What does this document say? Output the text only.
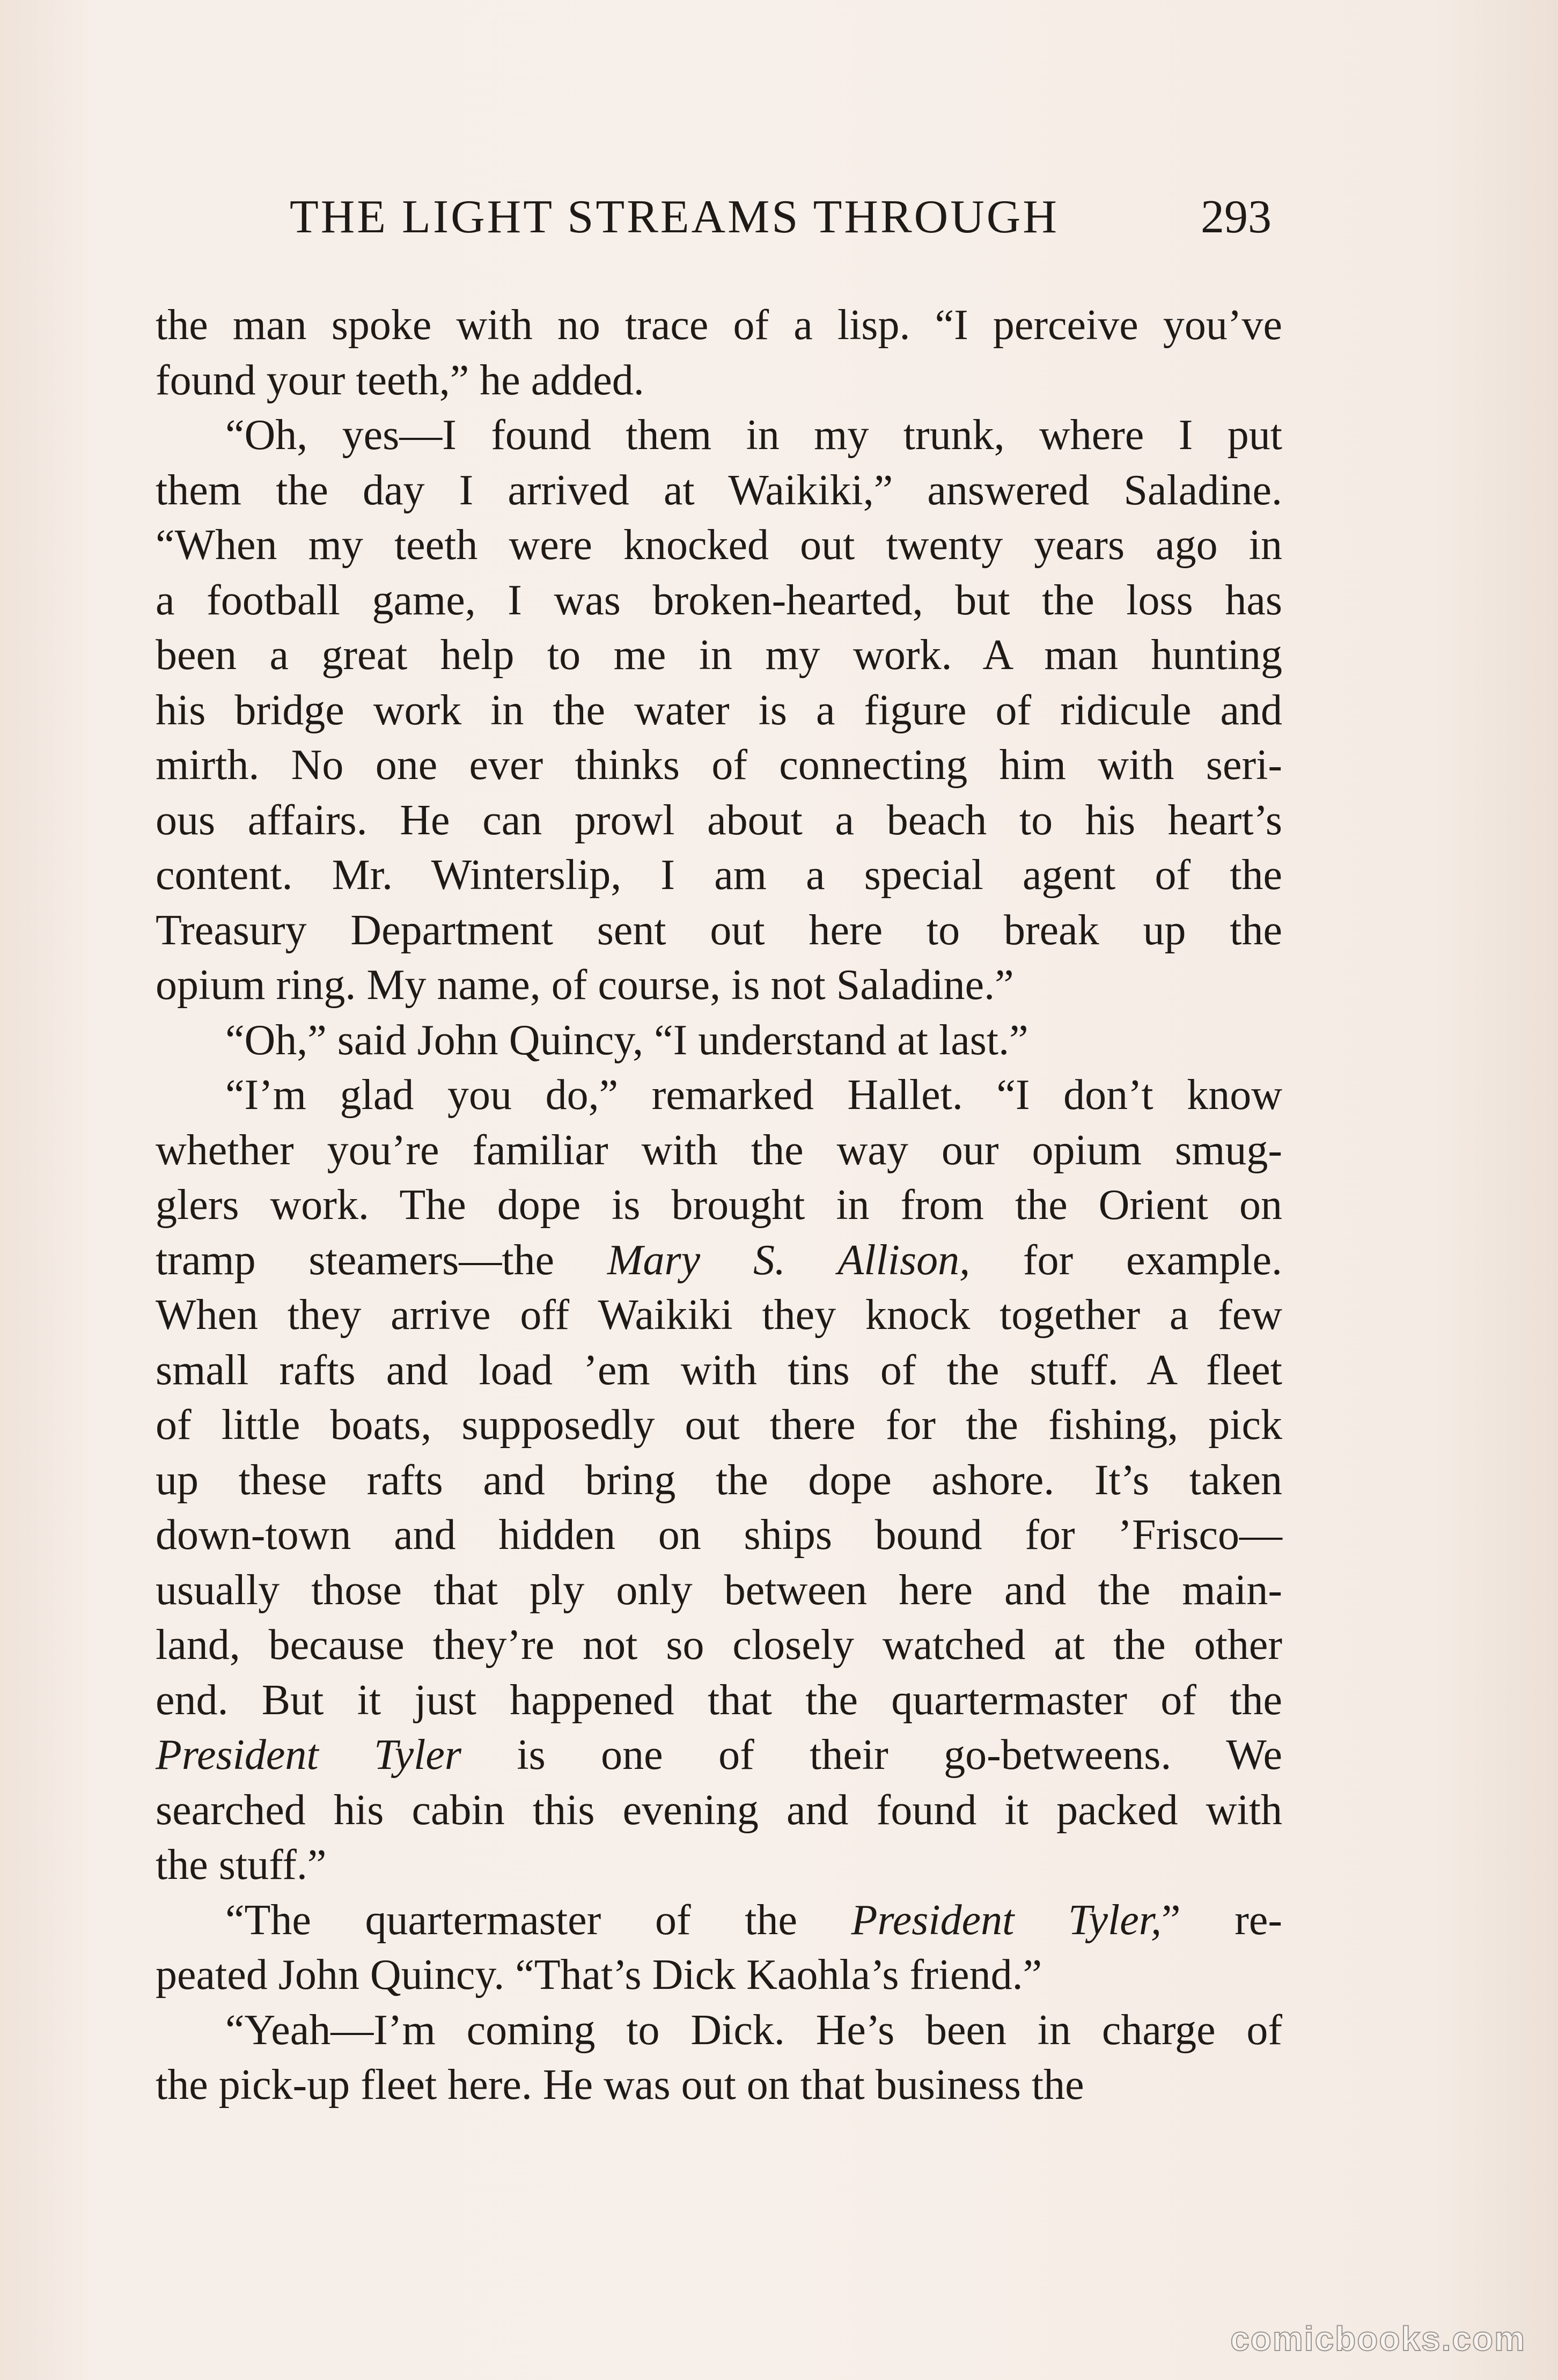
THE LIGHT STREAMS THROUGH	293
the man spoke with no trace of a lisp. “I perceive you’ve
found your teeth,” he added.
“Oh, yes—I found them in my trunk, where I put
them the day I arrived at Waikiki,” answered Saladine.
“When my teeth were knocked out twenty years ago in
a football game, I was broken-hearted, but the loss has
been a great help to me in my work. A man hunting
his bridge work in the water is a figure of ridicule and
mirth. No one ever thinks of connecting him with seri-
ous affairs. He can prowl about a beach to his heart’s
content. Mr. Winterslip, I am a special agent of the
Treasury Department sent out here to break up the
opium ring. My name, of course, is not Saladine.”
“Oh,” said John Quincy, “I understand at last.”
“I’m glad you do,” remarked Hallet. “I don’t know
whether you’re familiar with the way our opium smug-
glers work. The dope is brought in from the Orient on
tramp steamers—the Mary S. Allison, for example.
When they arrive off Waikiki they knock together a few
small rafts and load ’em with tins of the stuff. A fleet
of little boats, supposedly out there for the fishing, pick
up these rafts and bring the dope ashore. It’s taken
down-town and hidden on ships bound for ’Frisco—
usually those that ply only between here and the main-
land, because they’re not so closely watched at the other
end. But it just happened that the quartermaster of the
President Tyler is one of their go-betweens. We
searched his cabin this evening and found it packed with
the stuff.”
“The quartermaster of the President Tyler,” re-
peated John Quincy. “That’s Dick Kaohla’s friend.”
“Yeah—I’m coming to Dick. He’s been in charge of
the pick-up fleet here. He was out on that business the
comicbooks.com
